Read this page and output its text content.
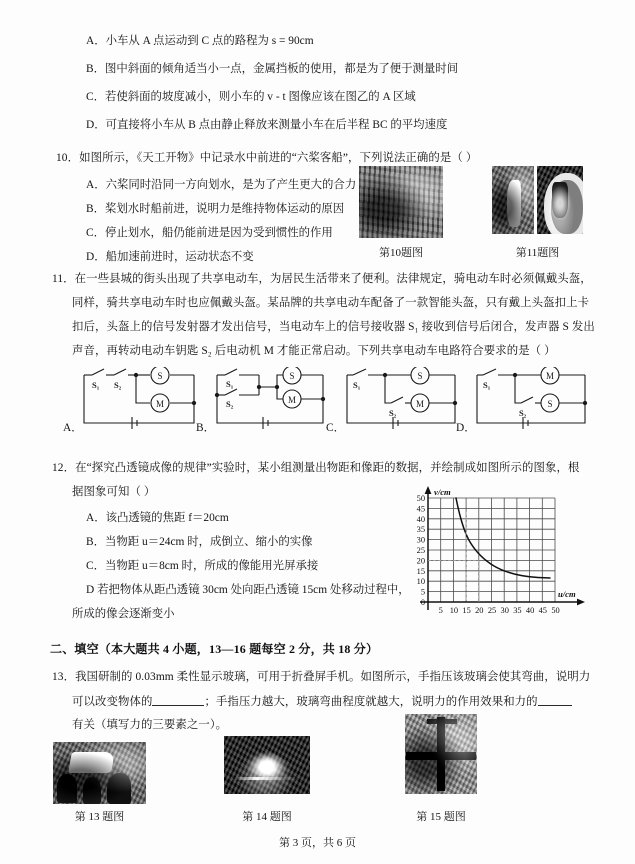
A．小车从 A 点运动到 C 点的路程为 s = 90cm
B．图中斜面的倾角适当小一点，金属挡板的使用，都是为了便于测量时间
C．若使斜面的坡度减小，则小车的 v - t 图像应该在图乙的 A 区域
D．可直接将小车从 B 点由静止释放来测量小车在后半程 BC 的平均速度
10．如图所示，《天工开物》中记录水中前进的“六桨客船”，下列说法正确的是（ ）
A．六桨同时沿同一方向划水，是为了产生更大的合力
B．桨划水时船前进，说明力是维持物体运动的原因
C．停止划水，船仍能前进是因为受到惯性的作用
D．船加速前进时，运动状态不变	第10题图	第11题图
11．在一些县城的街头出现了共享电动车，为居民生活带来了便利。法律规定，骑电动车时必须佩戴头盔，
同样，骑共享电动车时也应佩戴头盔。某品牌的共享电动车配备了一款智能头盔，只有戴上头盔扣上卡
扣后，头盔上的信号发射器才发出信号，当电动车上的信号接收器 S₁ 接收到信号后闭合，发声器 S 发出
声音，再转动电动车钥匙 S₂ 后电动机 M 才能正常启动。下列共享电动车电路符合要求的是（ ）
A．
S
M
S₁ S₂
B．
S
M
S₁
S₂
C．
S
M
S₁
S₂
D．
M
S
S₁
S₂
12．在“探究凸透镜成像的规律”实验时，某小组测量出物距和像距的数据，并绘制成如图所示的图象，根
据图象可知（ ）
A．该凸透镜的焦距 f＝20cm
B．当物距 u＝24cm 时，成倒立、缩小的实像
C．当物距 u＝8cm 时，所成的像能用光屏承接
D 若把物体从距凸透镜 30cm 处向距凸透镜 15cm 处移动过程中，
所成的像会逐渐变小
50
45
40
35
30
25
20
15
10
5
0
5 10 15 20 25 30 35 40 45 50
v/cm
u/cm
二、填空（本大题共 4 小题，13—16 题每空 2 分，共 18 分）
13．我国研制的 0.03mm 柔性显示玻璃，可用于折叠屏手机。如图所示，手指压该玻璃会使其弯曲，说明力
可以改变物体的	；手指压力越大，玻璃弯曲程度就越大，说明力的作用效果和力的
有关（填写力的三要素之一）。
第 13 题图	第 14 题图	第 15 题图
第 3 页，共 6 页
